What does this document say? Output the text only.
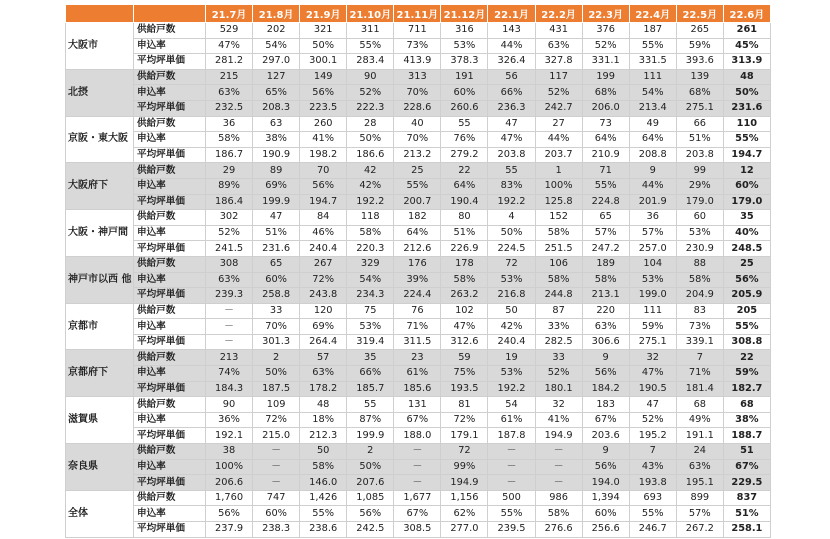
		21.7月	21.8月	21.9月	21.10月	21.11月	21.12月	22.1月	22.2月	22.3月	22.4月	22.5月	22.6月
大阪市	供給戸数	529	202	321	311	711	316	143	431	376	187	265	261
	申込率	47%	54%	50%	55%	73%	53%	44%	63%	52%	55%	59%	45%
	平均坪単価	281.2	297.0	300.1	283.4	413.9	378.3	326.4	327.8	331.1	331.5	393.6	313.9
北摂	供給戸数	215	127	149	90	313	191	56	117	199	111	139	48
	申込率	63%	65%	56%	52%	70%	60%	66%	52%	68%	54%	68%	50%
	平均坪単価	232.5	208.3	223.5	222.3	228.6	260.6	236.3	242.7	206.0	213.4	275.1	231.6
京阪・東大阪	供給戸数	36	63	260	28	40	55	47	27	73	49	66	110
	申込率	58%	38%	41%	50%	70%	76%	47%	44%	64%	64%	51%	55%
	平均坪単価	186.7	190.9	198.2	186.6	213.2	279.2	203.8	203.7	210.9	208.8	203.8	194.7
大阪府下	供給戸数	29	89	70	42	25	22	55	1	71	9	99	12
	申込率	89%	69%	56%	42%	55%	64%	83%	100%	55%	44%	29%	60%
	平均坪単価	186.4	199.9	194.7	192.2	200.7	190.4	192.2	125.8	224.8	201.9	179.0	179.0
大阪・神戸間	供給戸数	302	47	84	118	182	80	4	152	65	36	60	35
	申込率	52%	51%	46%	58%	64%	51%	50%	58%	57%	57%	53%	40%
	平均坪単価	241.5	231.6	240.4	220.3	212.6	226.9	224.5	251.5	247.2	257.0	230.9	248.5
神戸市以西 他	供給戸数	308	65	267	329	176	178	72	106	189	104	88	25
	申込率	63%	60%	72%	54%	39%	58%	53%	58%	58%	53%	58%	56%
	平均坪単価	239.3	258.8	243.8	234.3	224.4	263.2	216.8	244.8	213.1	199.0	204.9	205.9
京都市	供給戸数	－	33	120	75	76	102	50	87	220	111	83	205
	申込率	－	70%	69%	53%	71%	47%	42%	33%	63%	59%	73%	55%
	平均坪単価	－	301.3	264.4	319.4	311.5	312.6	240.4	282.5	306.6	275.1	339.1	308.8
京都府下	供給戸数	213	2	57	35	23	59	19	33	9	32	7	22
	申込率	74%	50%	63%	66%	61%	75%	53%	52%	56%	47%	71%	59%
	平均坪単価	184.3	187.5	178.2	185.7	185.6	193.5	192.2	180.1	184.2	190.5	181.4	182.7
滋賀県	供給戸数	90	109	48	55	131	81	54	32	183	47	68	68
	申込率	36%	72%	18%	87%	67%	72%	61%	41%	67%	52%	49%	38%
	平均坪単価	192.1	215.0	212.3	199.9	188.0	179.1	187.8	194.9	203.6	195.2	191.1	188.7
奈良県	供給戸数	38	－	50	2	－	72	－	－	9	7	24	51
	申込率	100%	－	58%	50%	－	99%	－	－	56%	43%	63%	67%
	平均坪単価	206.6	－	146.0	207.6	－	194.9	－	－	194.0	193.8	195.1	229.5
全体	供給戸数	1,760	747	1,426	1,085	1,677	1,156	500	986	1,394	693	899	837
	申込率	56%	60%	55%	56%	67%	62%	55%	58%	60%	55%	57%	51%
	平均坪単価	237.9	238.3	238.6	242.5	308.5	277.0	239.5	276.6	256.6	246.7	267.2	258.1
